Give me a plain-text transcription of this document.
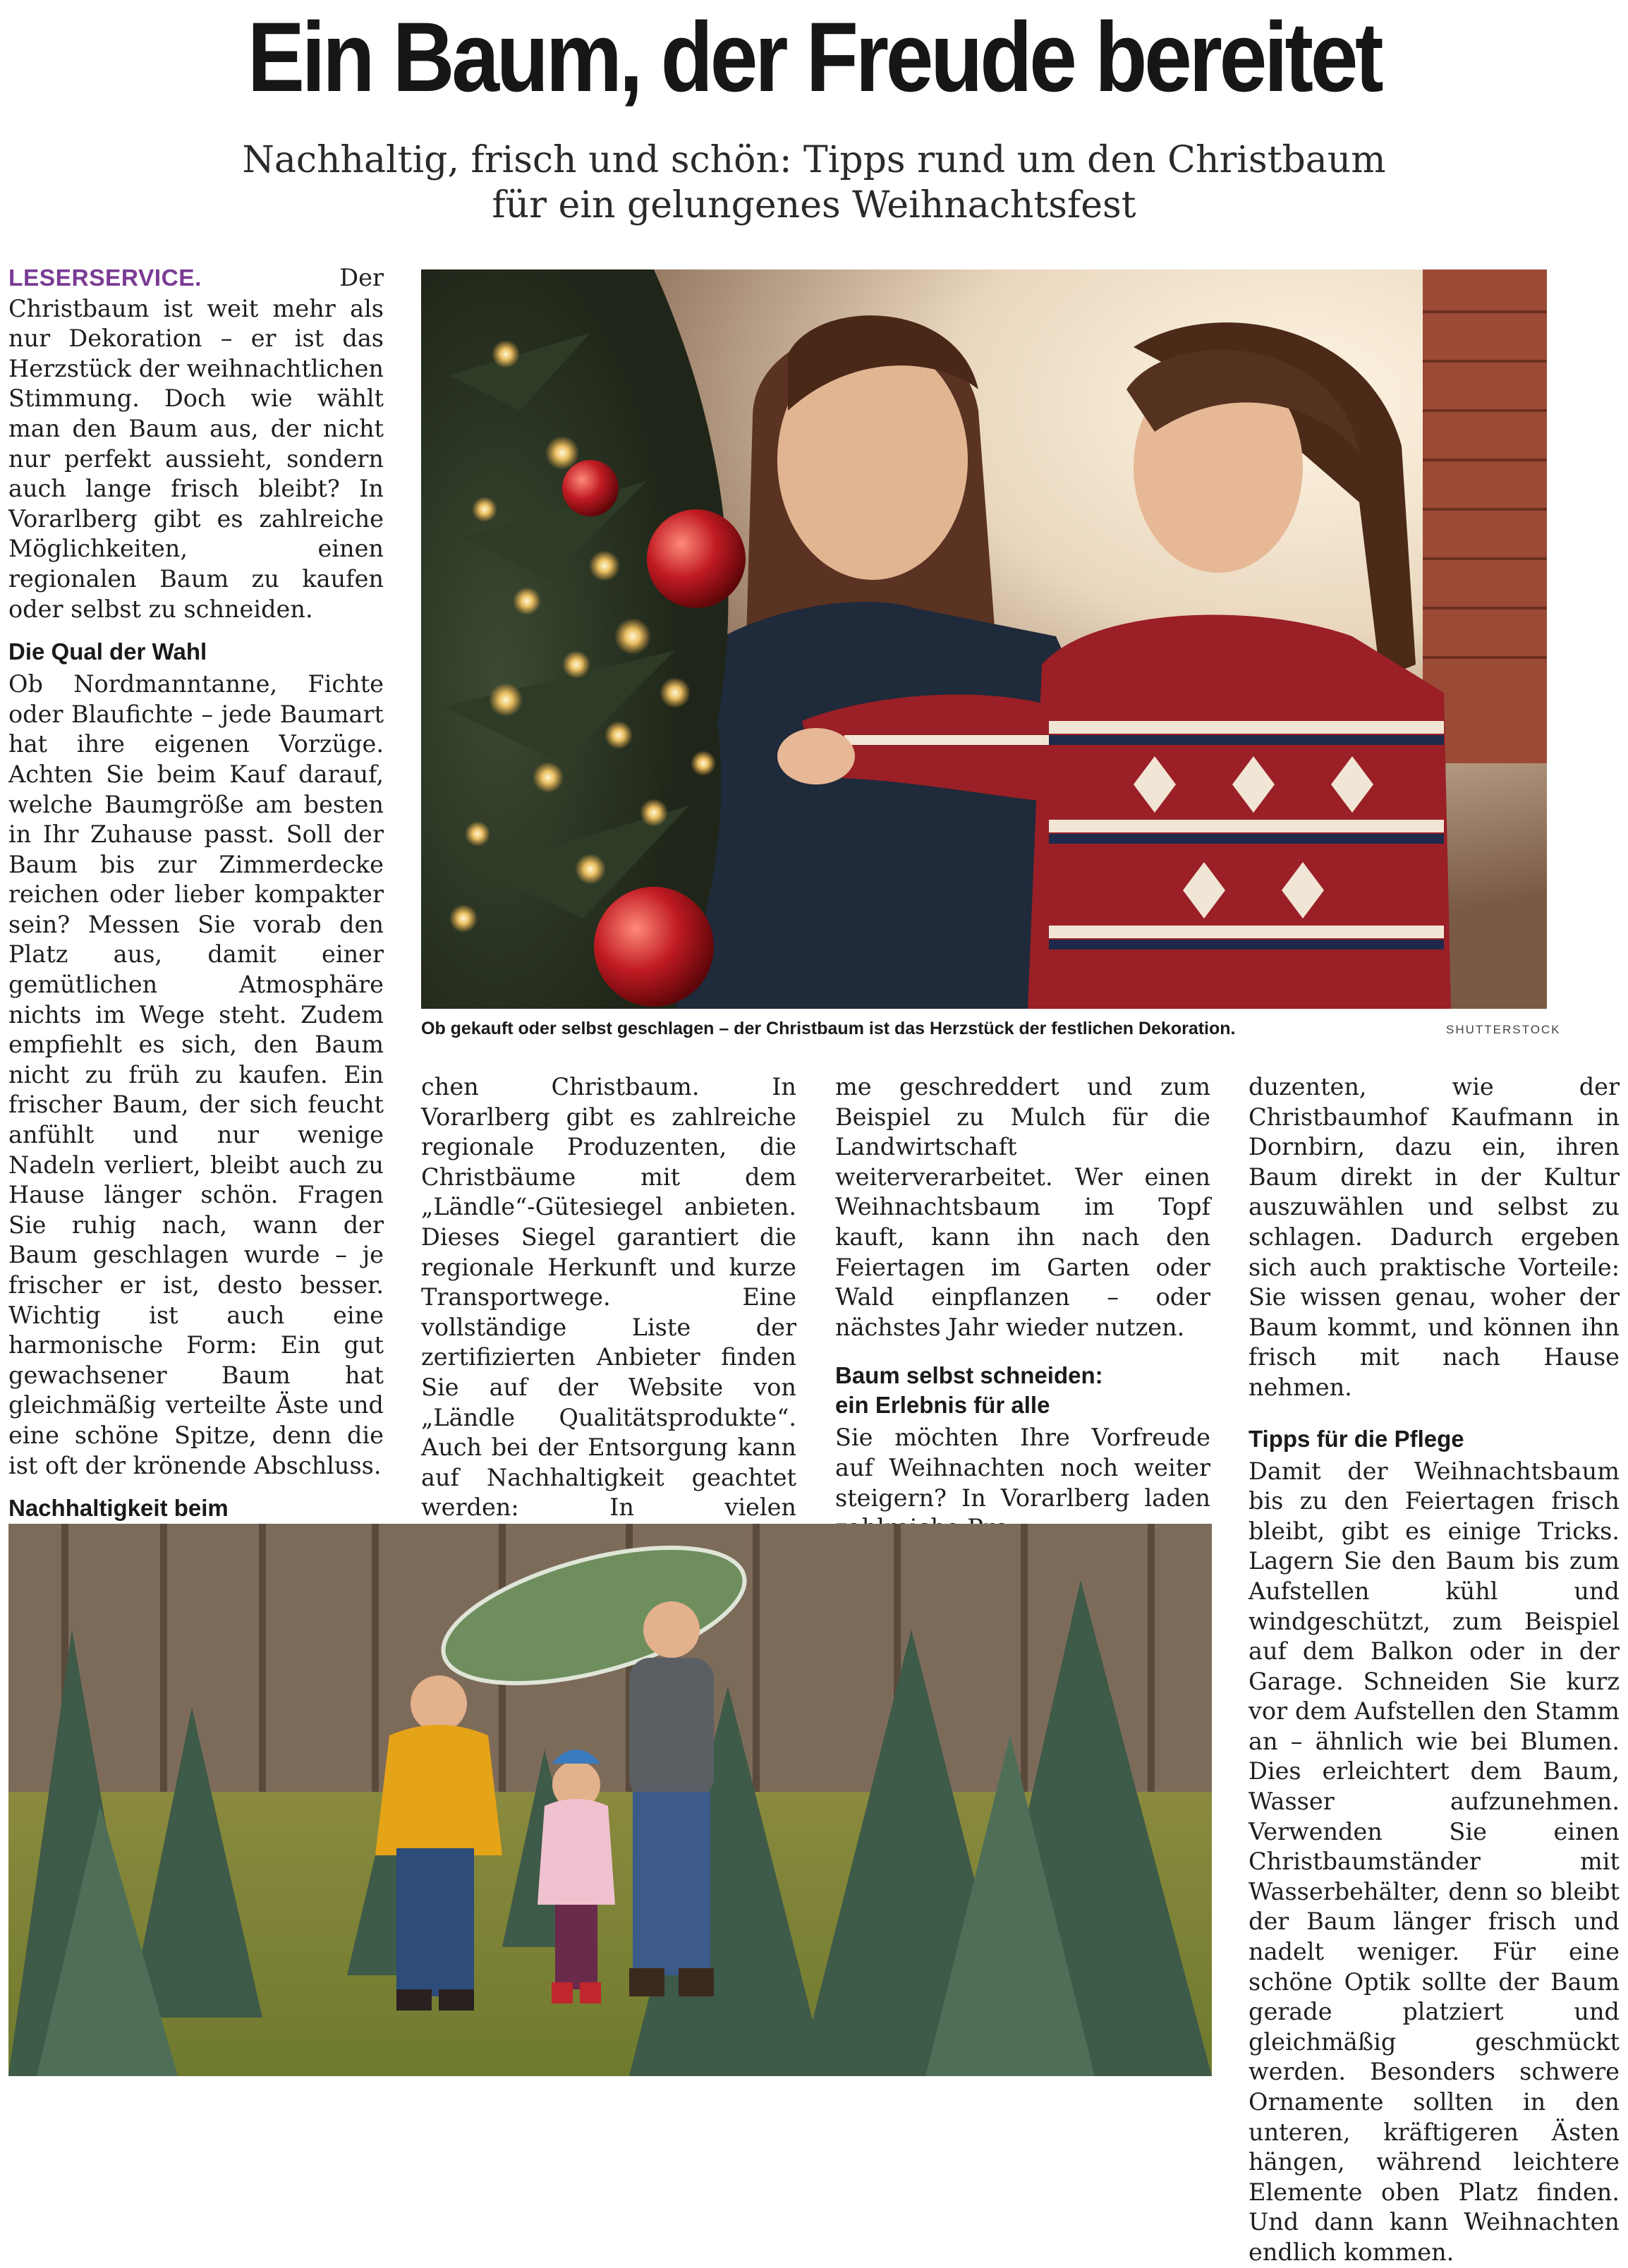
Ein Baum, der Freude bereitet
Nachhaltig, frisch und schön: Tipps rund um den Christbaum
für ein gelungenes Weihnachtsfest

LESERSERVICE. Der Christbaum ist weit mehr als nur Dekoration – er ist das Herzstück der weihnachtlichen Stimmung. Doch wie wählt man den Baum aus, der nicht nur perfekt aussieht, sondern auch lange frisch bleibt? In Vorarlberg gibt es zahlreiche Möglichkeiten, einen regionalen Baum zu kaufen oder selbst zu schneiden.

Die Qual der Wahl

Ob Nordmanntanne, Fichte oder Blaufichte – jede Baumart hat ihre eigenen Vorzüge. Achten Sie beim Kauf darauf, welche Baumgröße am besten in Ihr Zuhause passt. Soll der Baum bis zur Zimmerdecke reichen oder lieber kompakter sein? Messen Sie vorab den Platz aus, damit einer gemütlichen Atmosphäre nichts im Wege steht. Zudem empfiehlt es sich, den Baum nicht zu früh zu kaufen. Ein frischer Baum, der sich feucht anfühlt und nur wenige Nadeln verliert, bleibt auch zu Hause länger schön. Fragen Sie ruhig nach, wann der Baum geschlagen wurde – je frischer er ist, desto besser. Wichtig ist auch eine harmonische Form: Ein gut gewachsener Baum hat gleichmäßig verteilte Äste und eine schöne Spitze, denn die ist oft der krönende Abschluss.

Nachhaltigkeit beim

Ob gekauft oder selbst geschlagen – der Christbaum ist das Herzstück der festlichen Dekoration.	SHUTTERSTOCK

chen Christbaum. In Vorarlberg gibt es zahlreiche regionale Produzenten, die Christbäume mit dem „Ländle“-Gütesiegel anbieten. Dieses Siegel garantiert die regionale Herkunft und kurze Transportwege. Eine vollständige Liste der zertifizierten Anbieter finden Sie auf der Website von „Ländle Qualitätsprodukte“. Auch bei der Entsorgung kann auf Nachhaltigkeit geachtet werden: In vielen

me geschreddert und zum Beispiel zu Mulch für die Landwirtschaft weiterverarbeitet. Wer einen Weihnachtsbaum im Topf kauft, kann ihn nach den Feiertagen im Garten oder Wald einpflanzen – oder nächstes Jahr wieder nutzen.

Baum selbst schneiden: ein Erlebnis für alle

Sie möchten Ihre Vorfreude auf Weihnachten noch weiter steigern? In Vorarlberg laden

duzenten, wie der Christbaumhof Kaufmann in Dornbirn, dazu ein, ihren Baum direkt in der Kultur auszuwählen und selbst zu schlagen. Dadurch ergeben sich auch praktische Vorteile: Sie wissen genau, woher der Baum kommt, und können ihn frisch mit nach Hause nehmen.

Tipps für die Pflege

Damit der Weihnachtsbaum bis zu den Feiertagen frisch bleibt, gibt es einige Tricks. Lagern Sie den Baum bis zum Aufstellen kühl und windgeschützt, zum Beispiel auf dem Balkon oder in der Garage. Schneiden Sie kurz vor dem Aufstellen den Stamm an – ähnlich wie bei Blumen. Dies erleichtert dem Baum, Wasser aufzunehmen. Verwenden Sie einen Christbaumständer mit Wasserbehälter, denn so bleibt der Baum länger frisch und nadelt weniger. Für eine schöne Optik sollte der Baum gerade platziert und gleichmäßig geschmückt werden. Besonders schwere Ornamente sollten in den unteren, kräftigeren Ästen hängen, während leichtere Elemente oben Platz finden. Und dann kann Weihnachten endlich kommen.
